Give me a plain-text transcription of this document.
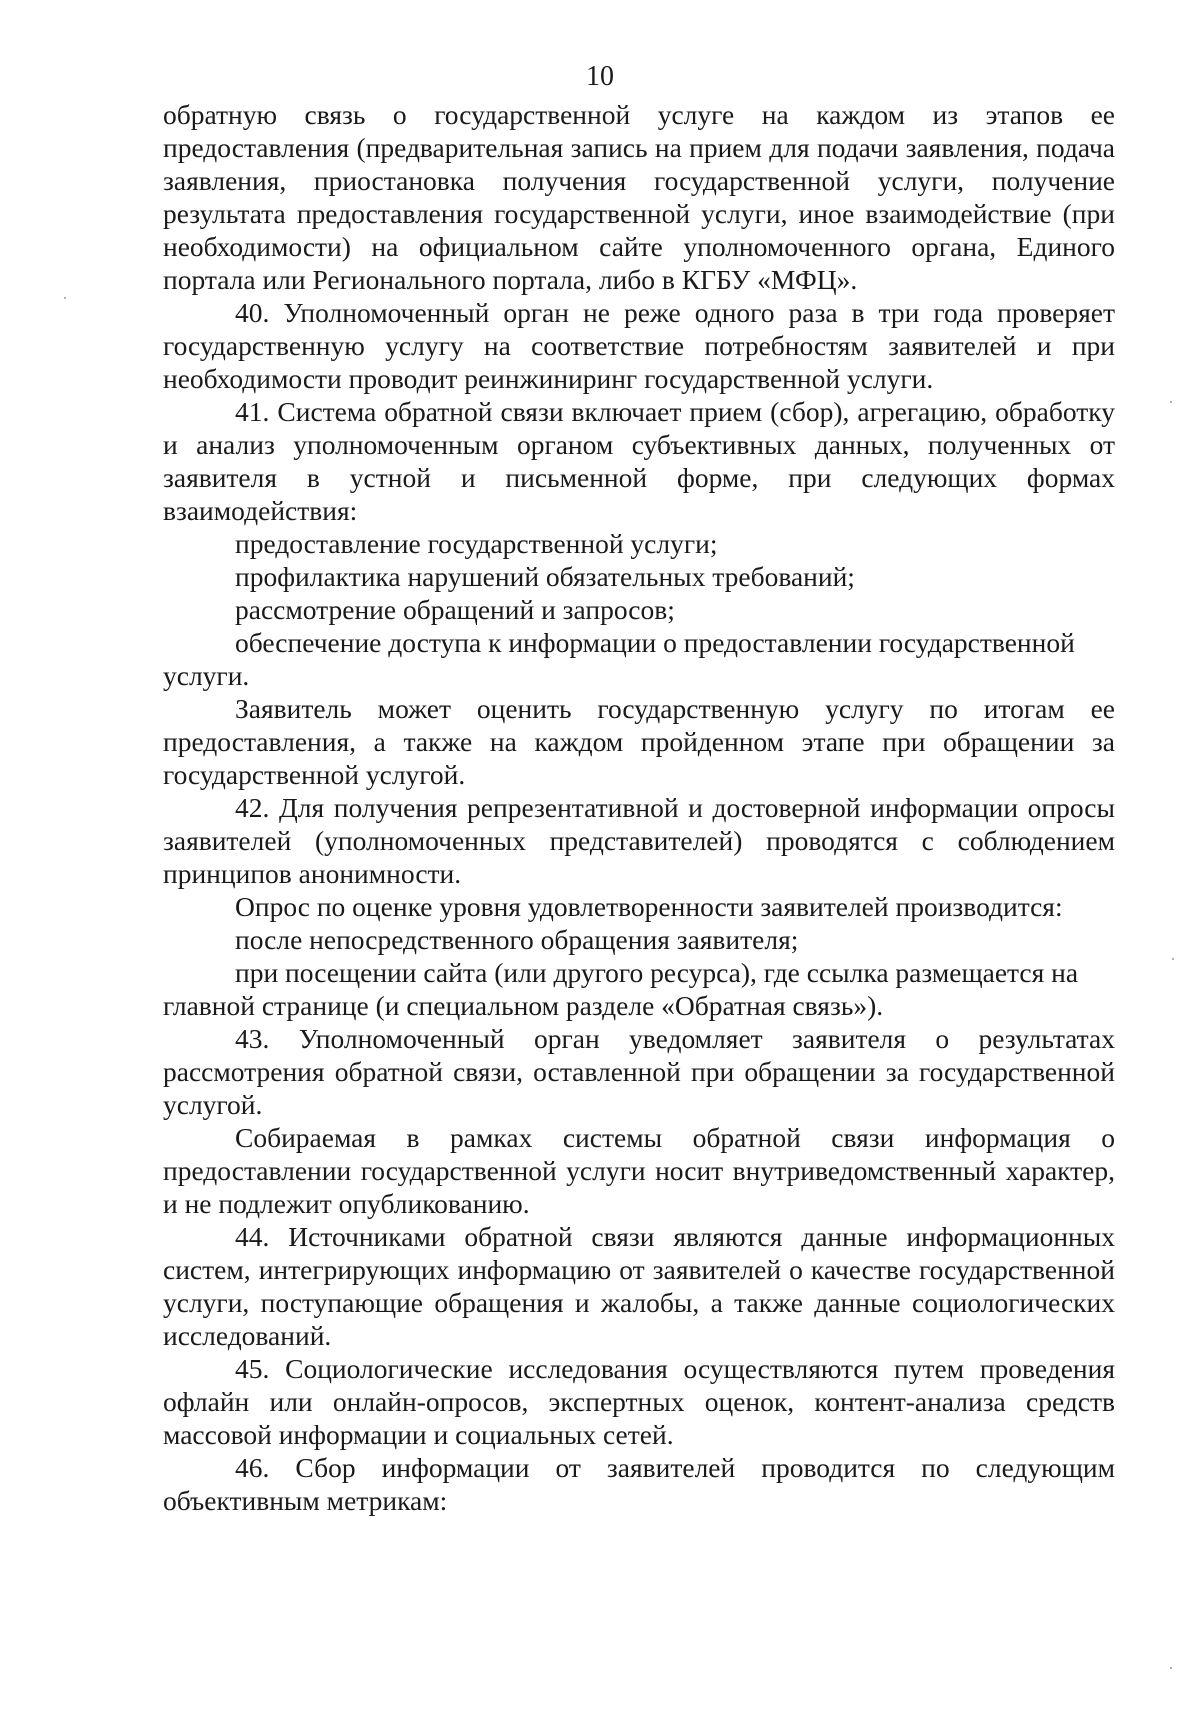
10

обратную связь о государственной услуге на каждом из этапов ее предоставления (предварительная запись на прием для подачи заявления, подача заявления, приостановка получения государственной услуги, получение результата предоставления государственной услуги, иное взаимодействие (при необходимости) на официальном сайте уполномоченного органа, Единого портала или Регионального портала, либо в КГБУ «МФЦ».

40. Уполномоченный орган не реже одного раза в три года проверяет государственную услугу на соответствие потребностям заявителей и при необходимости проводит реинжиниринг государственной услуги.

41. Система обратной связи включает прием (сбор), агрегацию, обработку и анализ уполномоченным органом субъективных данных, полученных от заявителя в устной и письменной форме, при следующих формах взаимодействия:

предоставление государственной услуги;

профилактика нарушений обязательных требований;

рассмотрение обращений и запросов;

обеспечение доступа к информации о предоставлении государственной услуги.

Заявитель может оценить государственную услугу по итогам ее предоставления, а также на каждом пройденном этапе при обращении за государственной услугой.

42. Для получения репрезентативной и достоверной информации опросы заявителей (уполномоченных представителей) проводятся с соблюдением принципов анонимности.

Опрос по оценке уровня удовлетворенности заявителей производится:

после непосредственного обращения заявителя;

при посещении сайта (или другого ресурса), где ссылка размещается на главной странице (и специальном разделе «Обратная связь»).

43. Уполномоченный орган уведомляет заявителя о результатах рассмотрения обратной связи, оставленной при обращении за государственной услугой.

Собираемая в рамках системы обратной связи информация о предоставлении государственной услуги носит внутриведомственный характер, и не подлежит опубликованию.

44. Источниками обратной связи являются данные информационных систем, интегрирующих информацию от заявителей о качестве государственной услуги, поступающие обращения и жалобы, а также данные социологических исследований.

45. Социологические исследования осуществляются путем проведения офлайн или онлайн-опросов, экспертных оценок, контент-анализа средств массовой информации и социальных сетей.

46. Сбор информации от заявителей проводится по следующим объективным метрикам:
